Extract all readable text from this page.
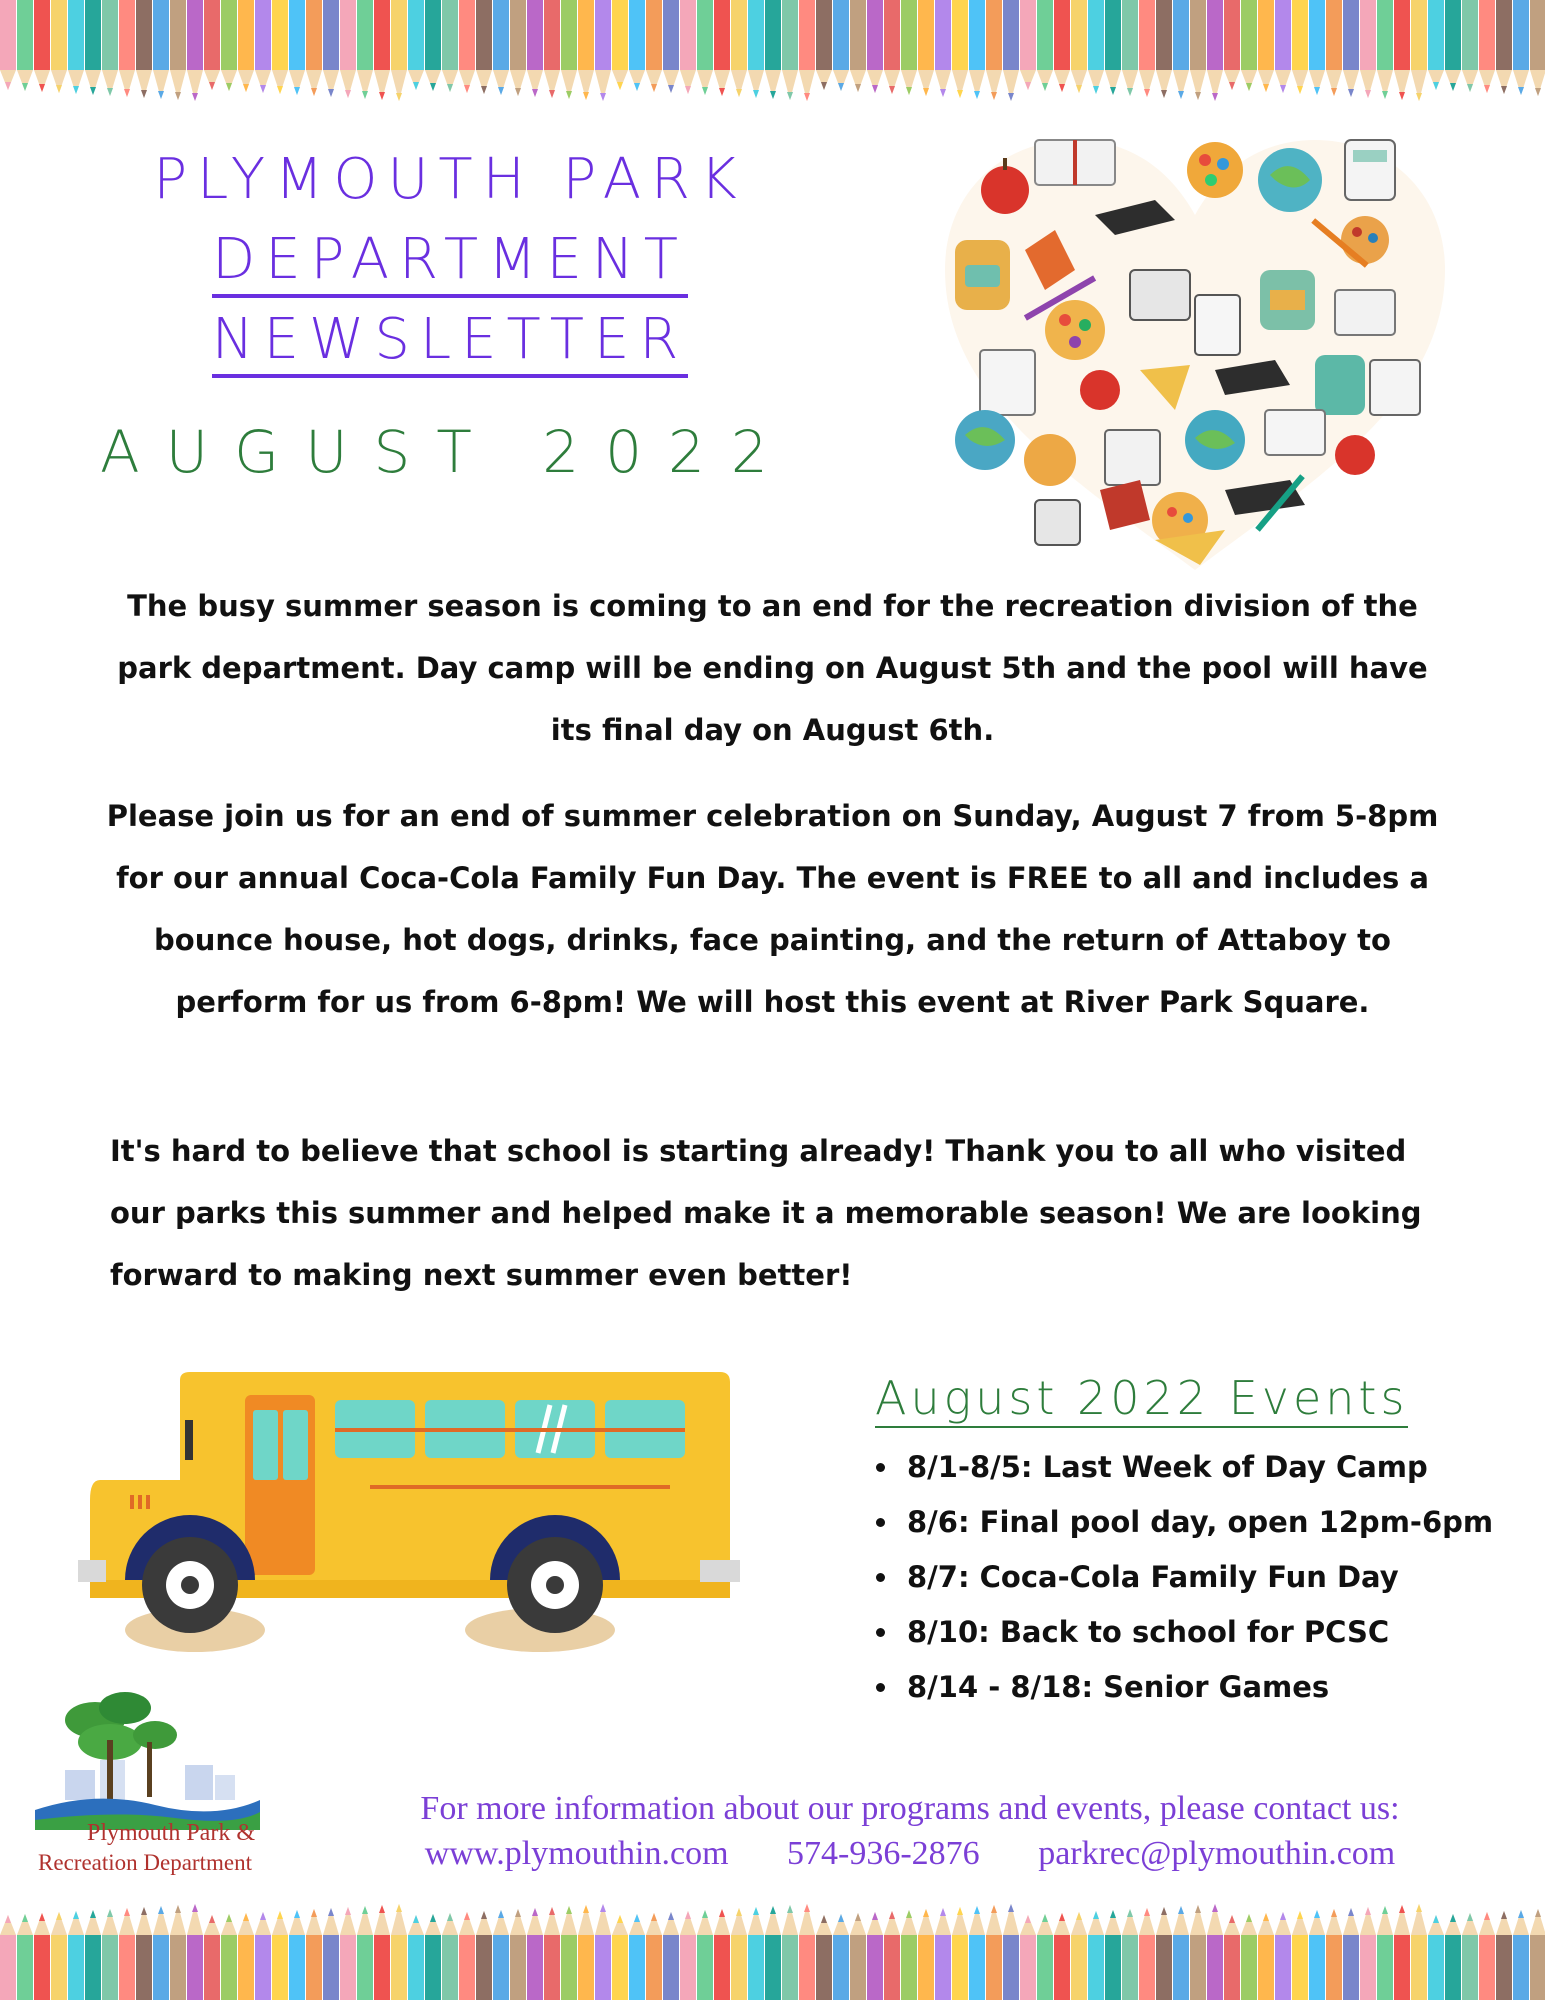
PLYMOUTH PARK
DEPARTMENT
NEWSLETTER
AUGUST 2022
The busy summer season is coming to an end for the recreation division of the park department. Day camp will be ending on August 5th and the pool will have its final day on August 6th.
Please join us for an end of summer celebration on Sunday, August 7 from 5-8pm for our annual Coca-Cola Family Fun Day. The event is FREE to all and includes a bounce house, hot dogs, drinks, face painting, and the return of Attaboy to perform for us from 6-8pm! We will host this event at River Park Square.
It's hard to believe that school is starting already! Thank you to all who visited our parks this summer and helped make it a memorable season! We are looking forward to making next summer even better!
August 2022 Events
• 8/1-8/5: Last Week of Day Camp
• 8/6: Final pool day, open 12pm-6pm
• 8/7: Coca-Cola Family Fun Day
• 8/10: Back to school for PCSC
• 8/14 - 8/18: Senior Games
Plymouth Park &
Recreation Department
For more information about our programs and events, please contact us:
www.plymouthin.com 574-936-2876 parkrec@plymouthin.com
